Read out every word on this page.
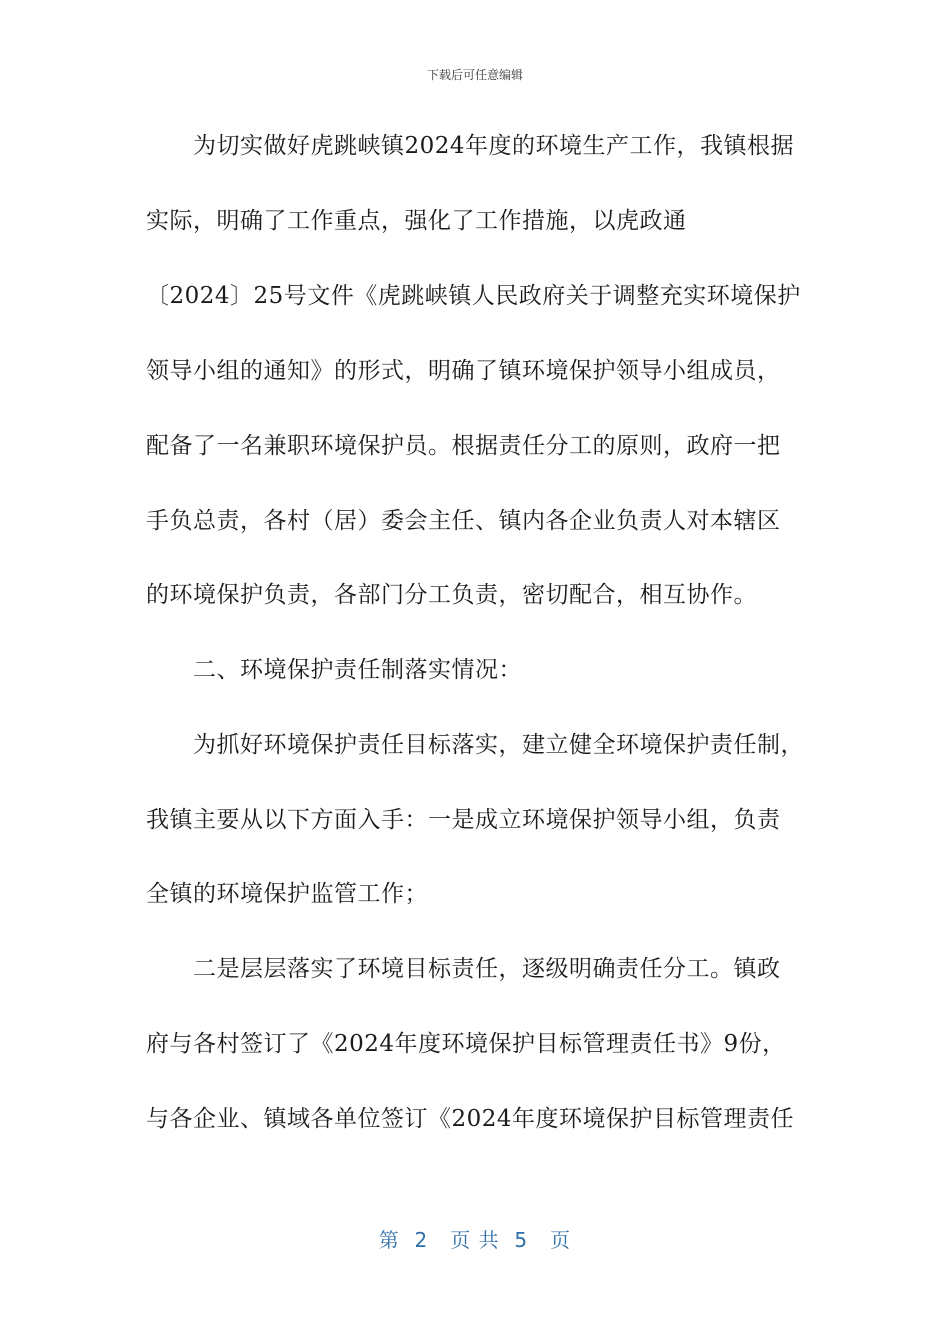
下载后可任意编辑
为切实做好虎跳峡镇2024年度的环境生产工作，我镇根据
实际，明确了工作重点，强化了工作措施，以虎政通
〔2024〕25号文件《虎跳峡镇人民政府关于调整充实环境保护
领导小组的通知》的形式，明确了镇环境保护领导小组成员，
配备了一名兼职环境保护员。根据责任分工的原则，政府一把
手负总责，各村（居）委会主任、镇内各企业负责人对本辖区
的环境保护负责，各部门分工负责，密切配合，相互协作。
二、环境保护责任制落实情况：
为抓好环境保护责任目标落实，建立健全环境保护责任制，
我镇主要从以下方面入手：一是成立环境保护领导小组，负责
全镇的环境保护监管工作；
二是层层落实了环境目标责任，逐级明确责任分工。镇政
府与各村签订了《2024年度环境保护目标管理责任书》9份，
与各企业、镇域各单位签订《2024年度环境保护目标管理责任
第  2   页 共  5   页
